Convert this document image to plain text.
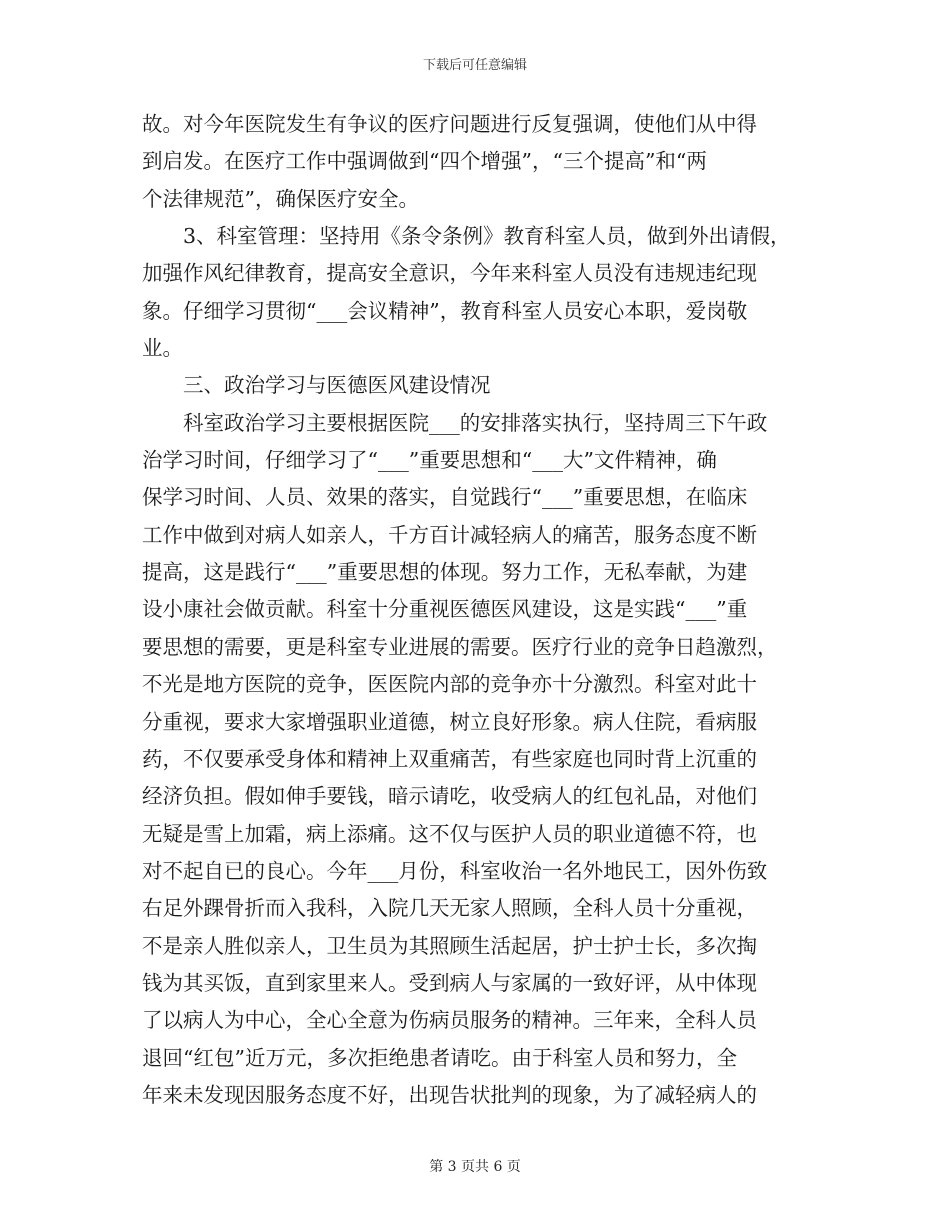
下载后可任意编辑
故。对今年医院发生有争议的医疗问题进行反复强调，使他们从中得
到启发。在医疗工作中强调做到“四个增强”，“三个提高”和“两
个法律规范”，确保医疗安全。
3、科室管理：坚持用《条令条例》教育科室人员，做到外出请假，
加强作风纪律教育，提高安全意识，今年来科室人员没有违规违纪现
象。仔细学习贯彻“___会议精神”，教育科室人员安心本职，爱岗敬
业。
三、政治学习与医德医风建设情况
科室政治学习主要根据医院___的安排落实执行，坚持周三下午政
治学习时间，仔细学习了“___”重要思想和“___大”文件精神，确
保学习时间、人员、效果的落实，自觉践行“___”重要思想，在临床
工作中做到对病人如亲人，千方百计减轻病人的痛苦，服务态度不断
提高，这是践行“___”重要思想的体现。努力工作，无私奉献，为建
设小康社会做贡献。科室十分重视医德医风建设，这是实践“___”重
要思想的需要，更是科室专业进展的需要。医疗行业的竞争日趋激烈，
不光是地方医院的竞争，医医院内部的竞争亦十分激烈。科室对此十
分重视，要求大家增强职业道德，树立良好形象。病人住院，看病服
药，不仅要承受身体和精神上双重痛苦，有些家庭也同时背上沉重的
经济负担。假如伸手要钱，暗示请吃，收受病人的红包礼品，对他们
无疑是雪上加霜，病上添痛。这不仅与医护人员的职业道德不符，也
对不起自已的良心。今年___月份，科室收治一名外地民工，因外伤致
右足外踝骨折而入我科，入院几天无家人照顾，全科人员十分重视，
不是亲人胜似亲人，卫生员为其照顾生活起居，护士护士长，多次掏
钱为其买饭，直到家里来人。受到病人与家属的一致好评，从中体现
了以病人为中心，全心全意为伤病员服务的精神。三年来，全科人员
退回“红包”近万元，多次拒绝患者请吃。由于科室人员和努力，全
年来未发现因服务态度不好，出现告状批判的现象，为了减轻病人的
第 3 页共 6 页
